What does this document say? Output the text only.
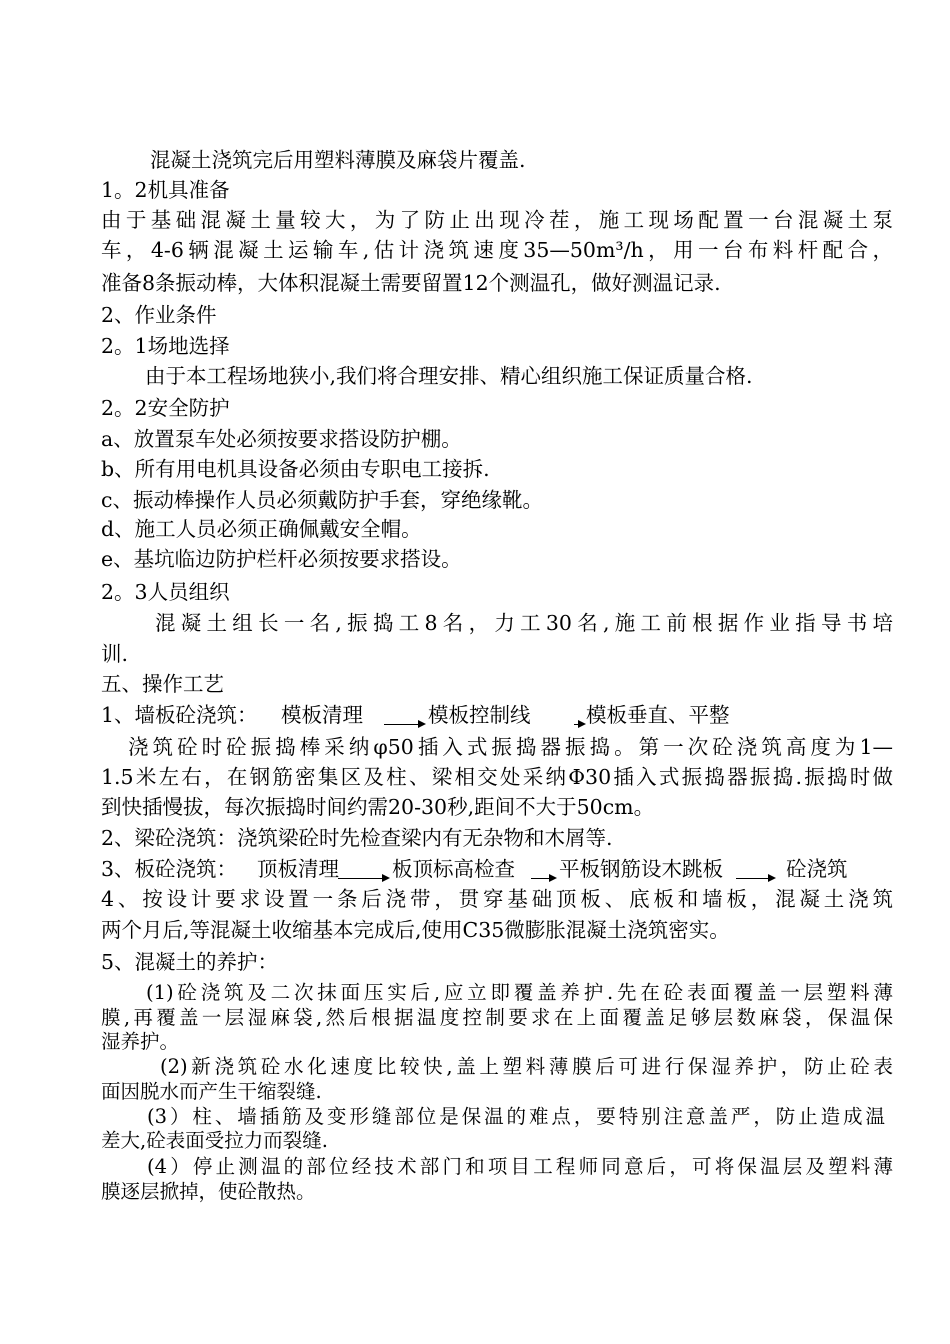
混凝土浇筑完后用塑料薄膜及麻袋片覆盖.
1。2机具准备
由于基础混凝土量较大，为了防止出现冷茬，施工现场配置一台混凝土泵
车，4-6辆混凝土运输车,估计浇筑速度35—50m³/h，用一台布料杆配合，
准备8条振动棒，大体积混凝土需要留置12个测温孔，做好测温记录.
2、作业条件
2。1场地选择
由于本工程场地狭小,我们将合理安排、精心组织施工保证质量合格.
2。2安全防护
a、放置泵车处必须按要求搭设防护棚。
b、所有用电机具设备必须由专职电工接拆.
c、振动棒操作人员必须戴防护手套，穿绝缘靴。
d、施工人员必须正确佩戴安全帽。
e、基坑临边防护栏杆必须按要求搭设。
2。3人员组织
混凝土组长一名,振捣工8名，力工30名,施工前根据作业指导书培
训.
五、操作工艺
1、墙板砼浇筑： 模板清理	模板控制线	模板垂直、平整
浇筑砼时砼振捣棒采纳φ50插入式振捣器振捣。第一次砼浇筑高度为1—
1.5米左右，在钢筋密集区及柱、梁相交处采纳Φ30插入式振捣器振捣.振捣时做
到快插慢拔，每次振捣时间约需20-30秒,距间不大于50cm。
2、梁砼浇筑：浇筑梁砼时先检查梁内有无杂物和木屑等.
3、板砼浇筑： 顶板清理	板顶标高检查 平板钢筋设木跳板	砼浇筑
4、按设计要求设置一条后浇带，贯穿基础顶板、底板和墙板，混凝土浇筑
两个月后,等混凝土收缩基本完成后,使用C35微膨胀混凝土浇筑密实。
5、混凝土的养护：
(1)砼浇筑及二次抹面压实后,应立即覆盖养护.先在砼表面覆盖一层塑料薄
膜,再覆盖一层湿麻袋,然后根据温度控制要求在上面覆盖足够层数麻袋，保温保
湿养护。
(2)新浇筑砼水化速度比较快,盖上塑料薄膜后可进行保湿养护，防止砼表
面因脱水而产生干缩裂缝.
(3）柱、墙插筋及变形缝部位是保温的难点，要特别注意盖严，防止造成温
差大,砼表面受拉力而裂缝.
(4）停止测温的部位经技术部门和项目工程师同意后，可将保温层及塑料薄
膜逐层掀掉，使砼散热。
